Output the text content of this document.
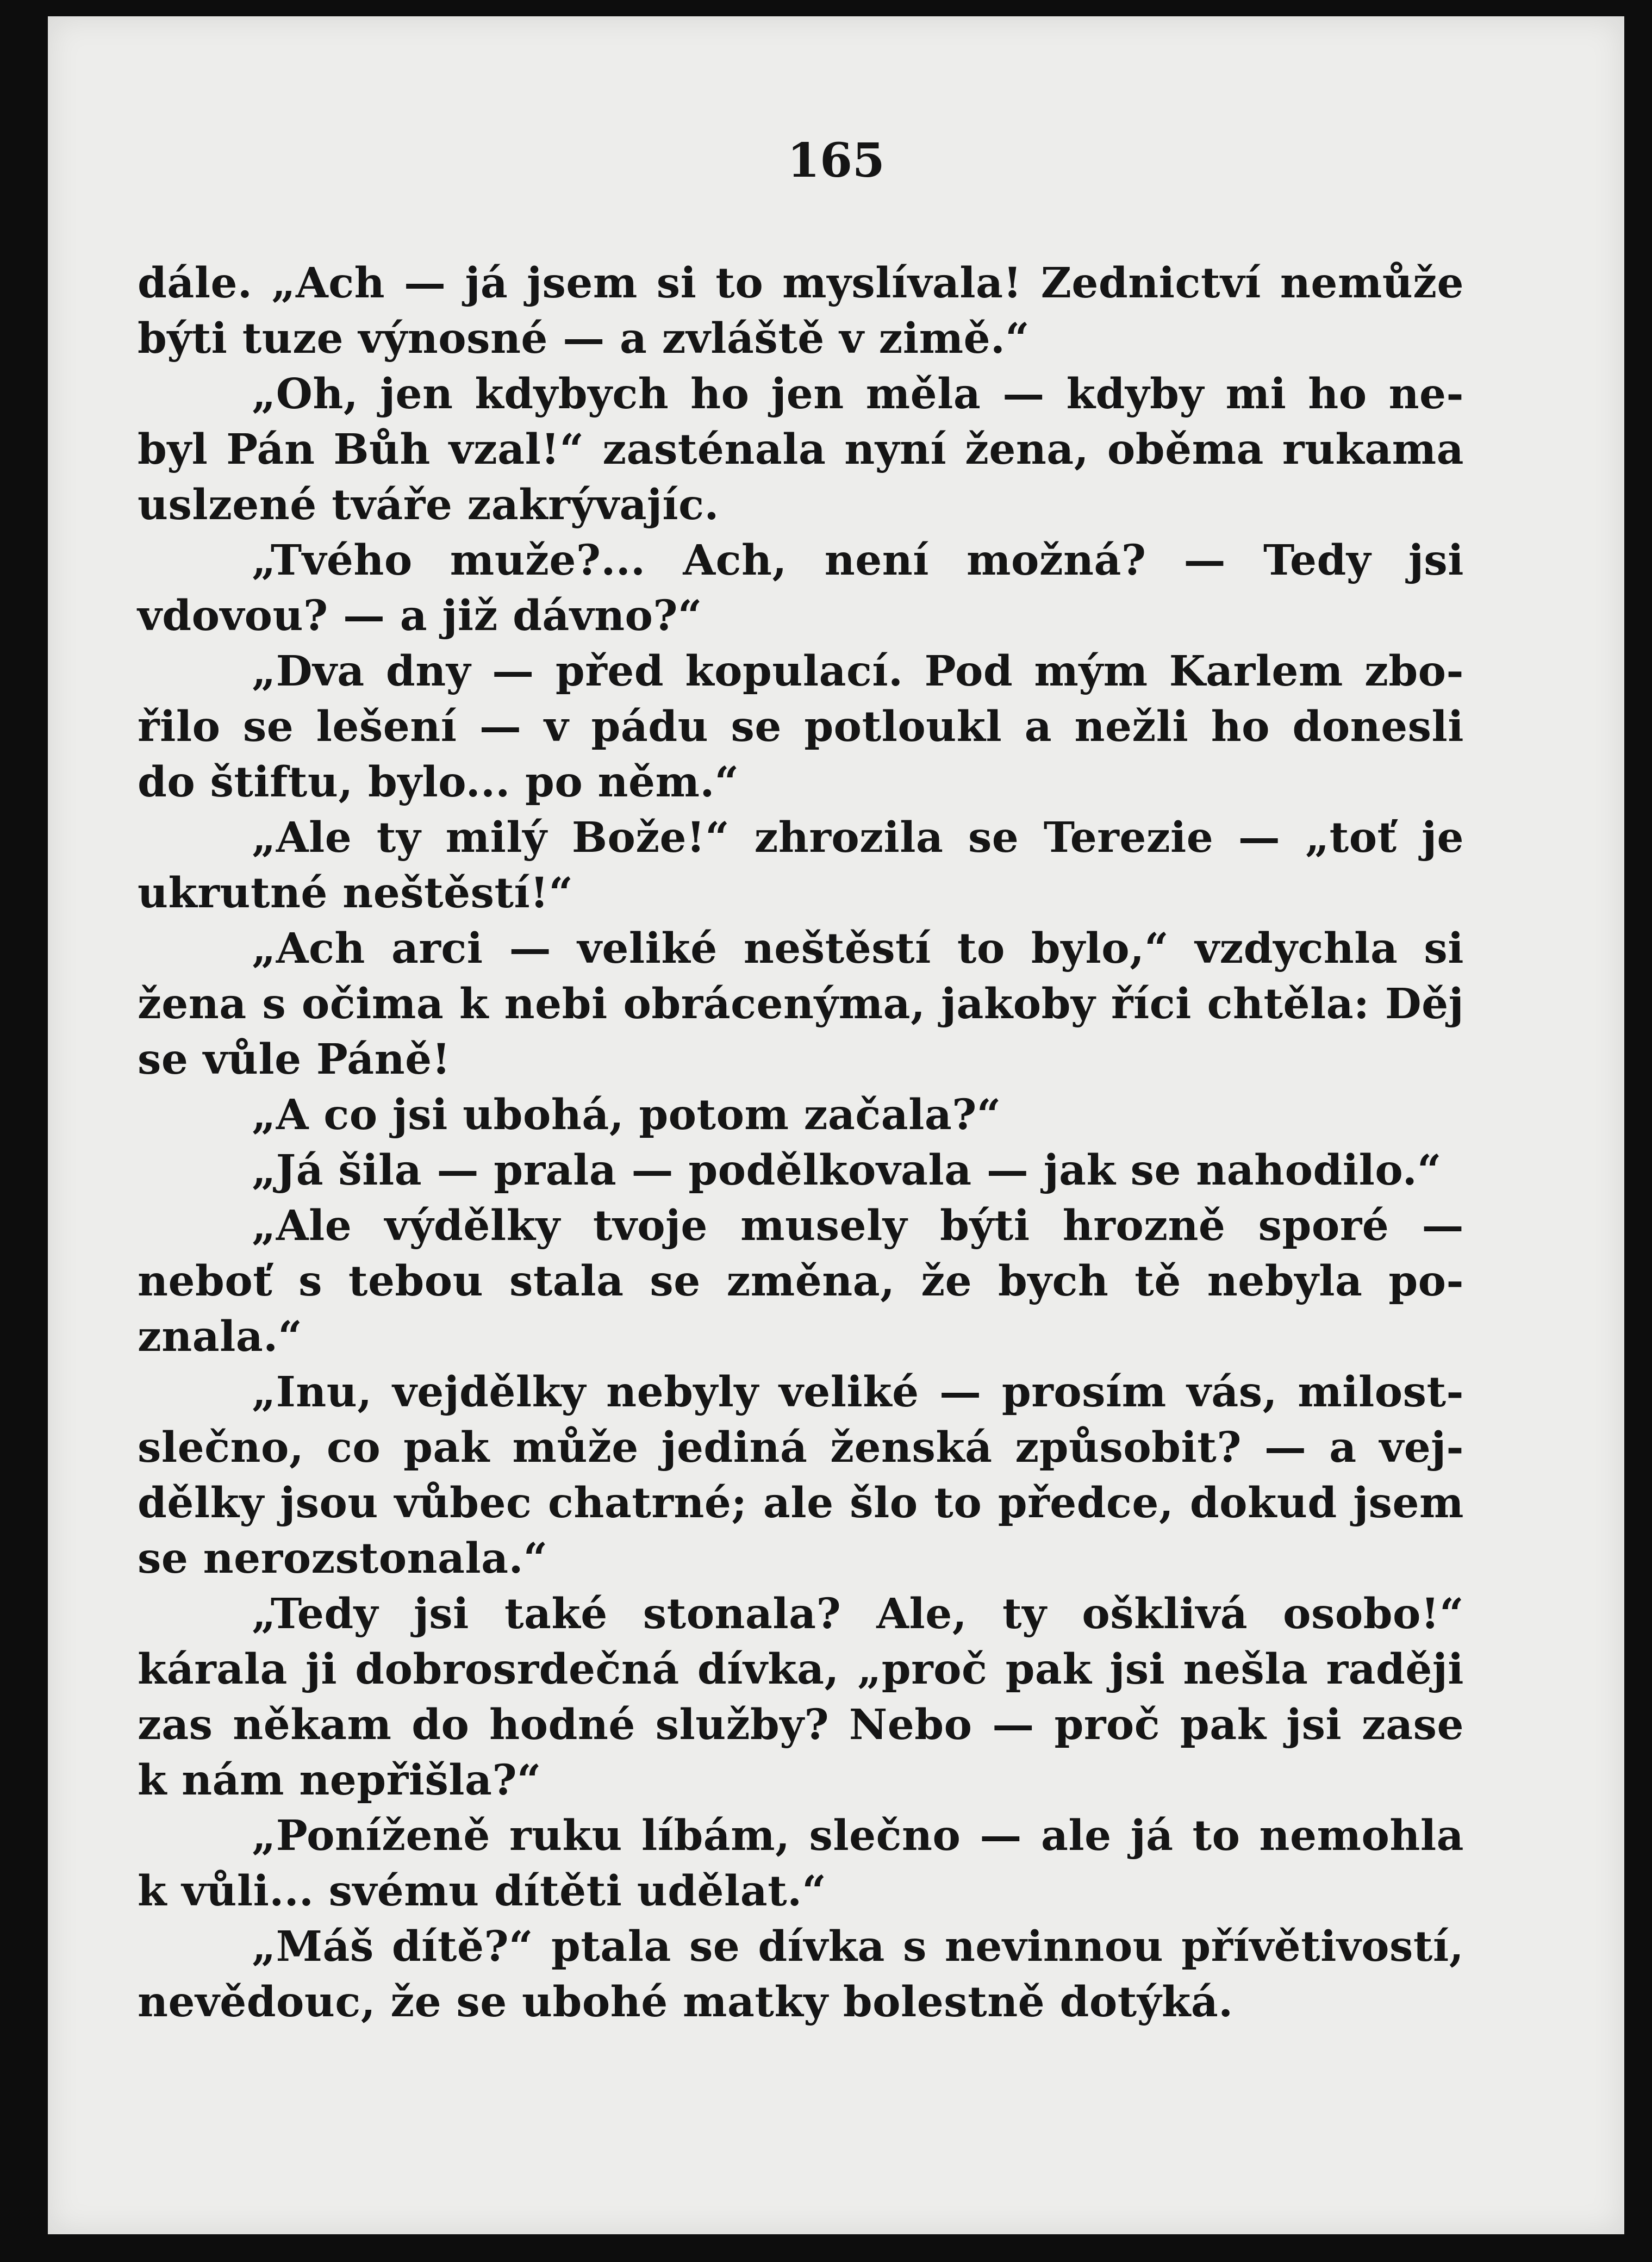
165
dále. „Ach — já jsem si to myslívala! Zednictví nemůže
býti tuze výnosné — a zvláště v zimě.“
„Oh, jen kdybych ho jen měla — kdyby mi ho ne-
byl Pán Bůh vzal!“ zasténala nyní žena, oběma rukama
uslzené tváře zakrývajíc.
„Tvého muže?... Ach, není možná? — Tedy jsi
vdovou? — a již dávno?“
„Dva dny — před kopulací. Pod mým Karlem zbo-
řilo se lešení — v pádu se potloukl a nežli ho donesli
do štiftu, bylo... po něm.“
„Ale ty milý Bože!“ zhrozila se Terezie — „toť je
ukrutné neštěstí!“
„Ach arci — veliké neštěstí to bylo,“ vzdychla si
žena s očima k nebi obrácenýma, jakoby říci chtěla: Děj
se vůle Páně!
„A co jsi ubohá, potom začala?“
„Já šila — prala — podělkovala — jak se nahodilo.“
„Ale výdělky tvoje musely býti hrozně sporé —
neboť s tebou stala se změna, že bych tě nebyla po-
znala.“
„Inu, vejdělky nebyly veliké — prosím vás, milost-
slečno, co pak může jediná ženská způsobit? — a vej-
dělky jsou vůbec chatrné; ale šlo to předce, dokud jsem
se nerozstonala.“
„Tedy jsi také stonala? Ale, ty ošklivá osobo!“
kárala ji dobrosrdečná dívka, „proč pak jsi nešla raději
zas někam do hodné služby? Nebo — proč pak jsi zase
k nám nepřišla?“
„Poníženě ruku líbám, slečno — ale já to nemohla
k vůli... svému dítěti udělat.“
„Máš dítě?“ ptala se dívka s nevinnou přívětivostí,
nevědouc, že se ubohé matky bolestně dotýká.
